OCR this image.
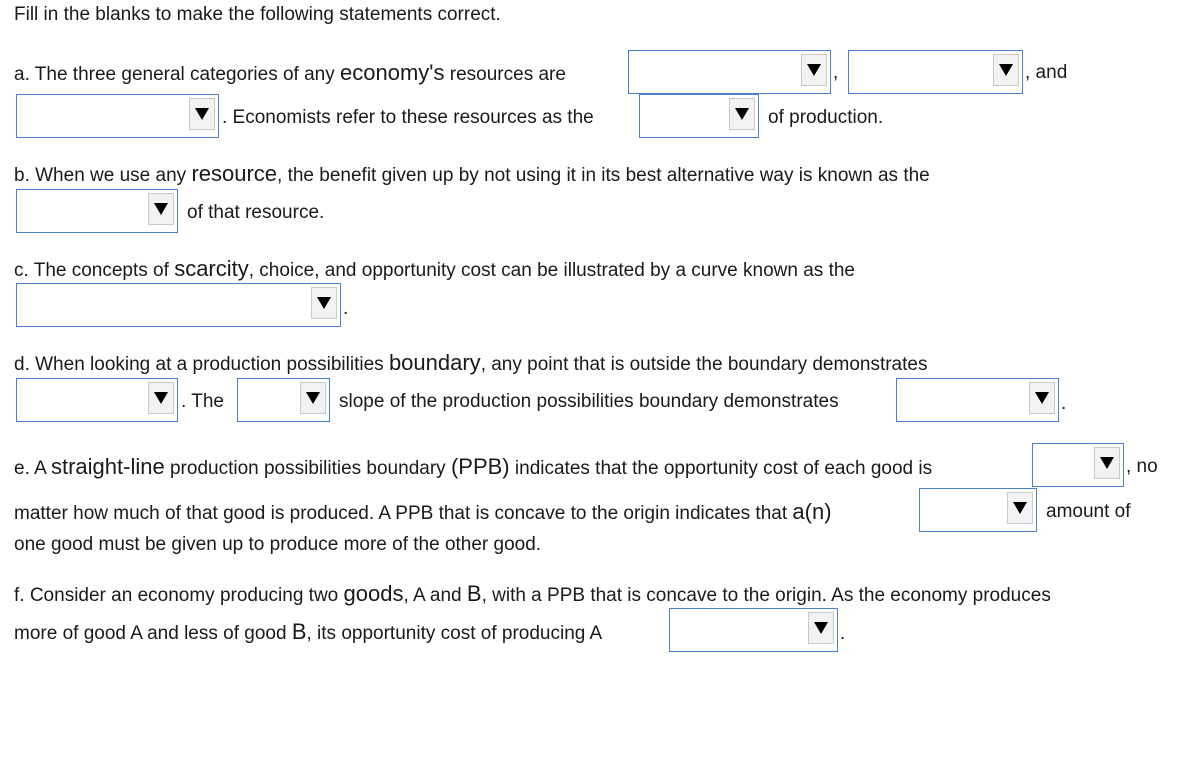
Fill in the blanks to make the following statements correct.
a. The three general categories of any economy's resources are	,	, and
. Economists refer to these resources as the	of production.
b. When we use any resource, the benefit given up by not using it in its best alternative way is known as the
of that resource.
c. The concepts of scarcity, choice, and opportunity cost can be illustrated by a curve known as the
.
d. When looking at a production possibilities boundary, any point that is outside the boundary demonstrates
. The	slope of the production possibilities boundary demonstrates	.
e. A straight-line production possibilities boundary (PPB) indicates that the opportunity cost of each good is	, no
matter how much of that good is produced. A PPB that is concave to the origin indicates that a(n)	amount of
one good must be given up to produce more of the other good.
f. Consider an economy producing two goods, A and B, with a PPB that is concave to the origin. As the economy produces
more of good A and less of good B, its opportunity cost of producing A	.
